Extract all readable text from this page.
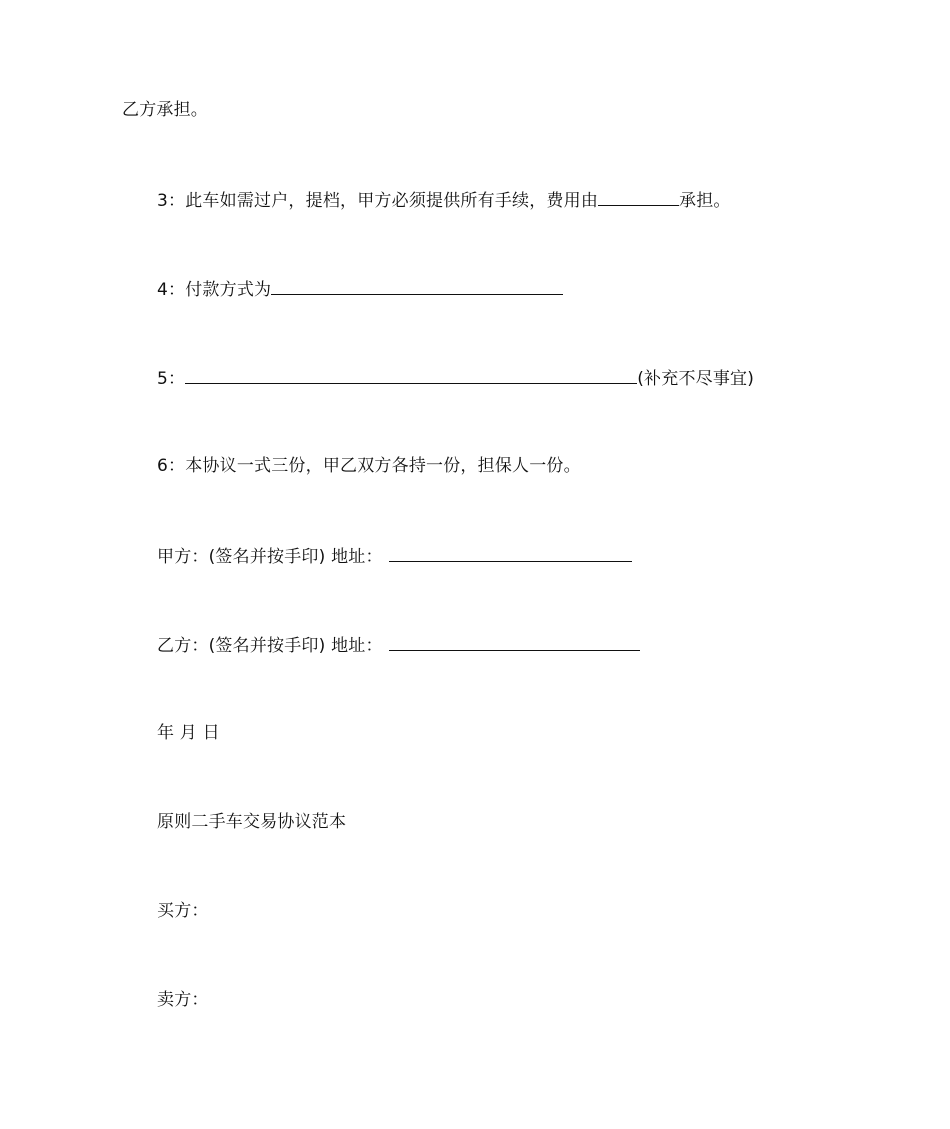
乙方承担。
3：此车如需过户，提档，甲方必须提供所有手续，费用由	承担。
4：付款方式为
5：	(补充不尽事宜)
6：本协议一式三份，甲乙双方各持一份，担保人一份。
甲方：(签名并按手印) 地址：
乙方：(签名并按手印) 地址：
年 月 日
原则二手车交易协议范本
买方：
卖方：
